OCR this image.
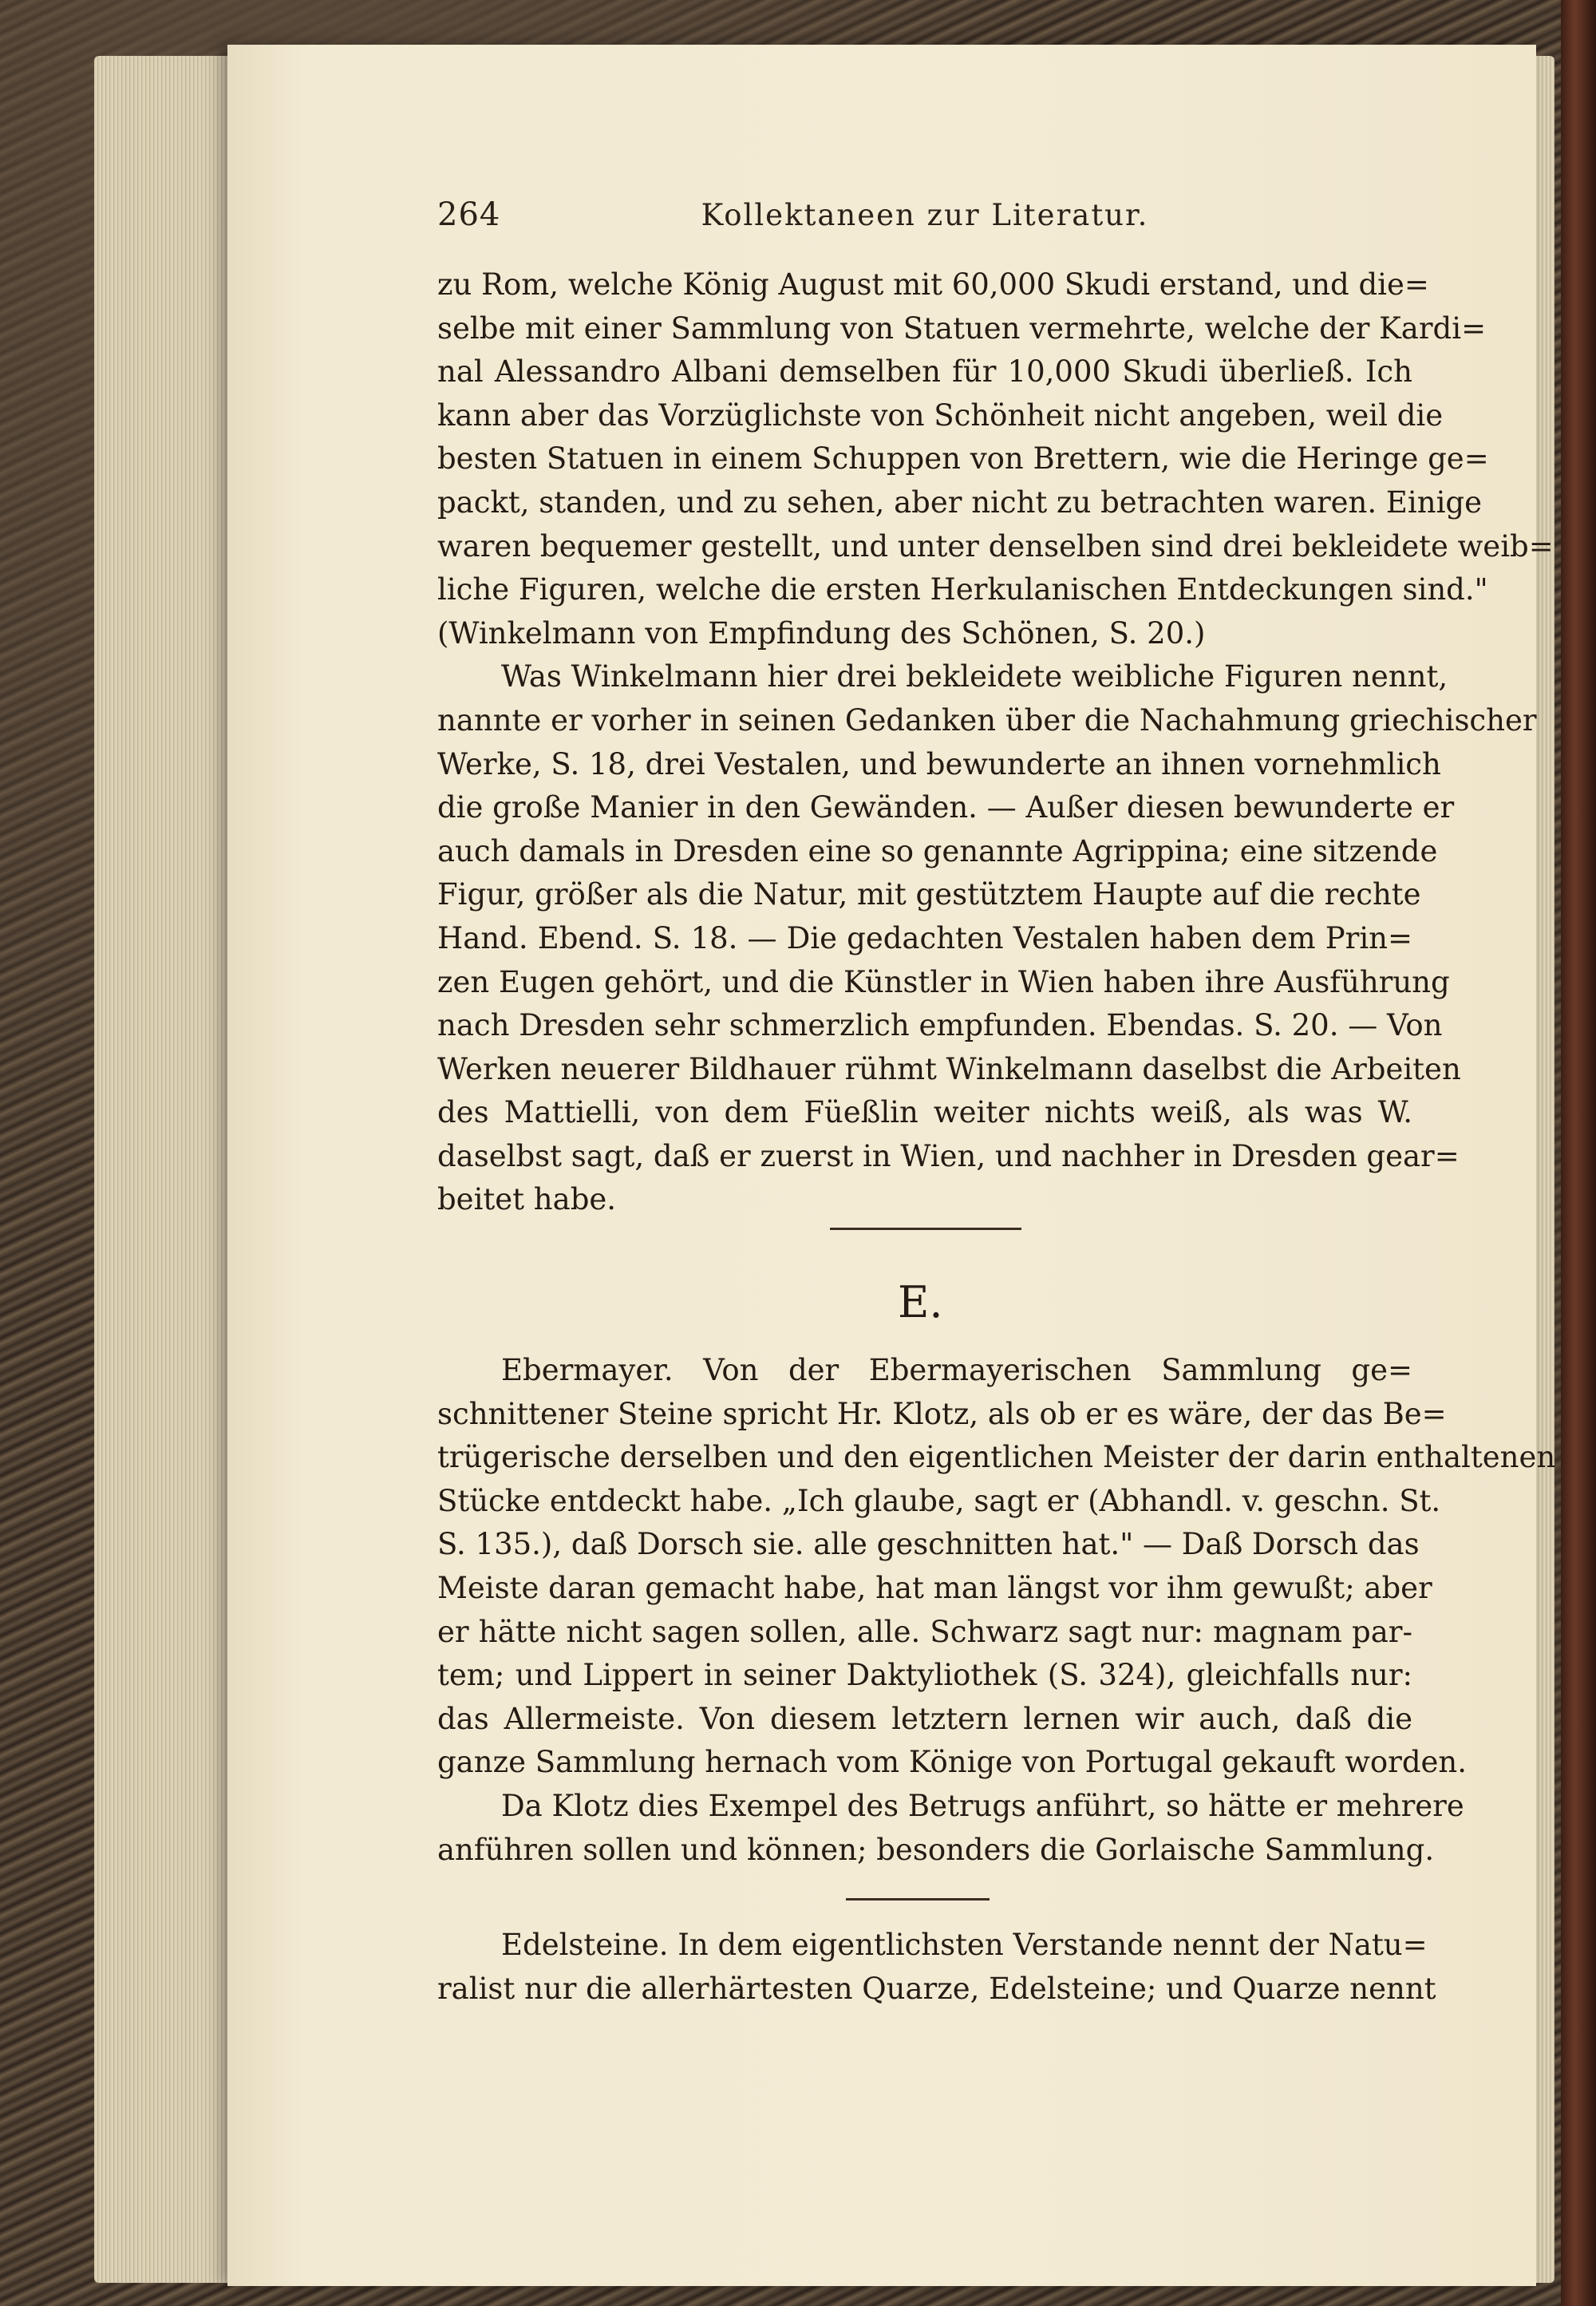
264	Kollektaneen zur Literatur.
zu Rom, welche König August mit 60,000 Skudi erstand, und die=
selbe mit einer Sammlung von Statuen vermehrte, welche der Kardi=
nal Alessandro Albani demselben für 10,000 Skudi überließ. Ich
kann aber das Vorzüglichste von Schönheit nicht angeben, weil die
besten Statuen in einem Schuppen von Brettern, wie die Heringe ge=
packt, standen, und zu sehen, aber nicht zu betrachten waren. Einige
waren bequemer gestellt, und unter denselben sind drei bekleidete weib=
liche Figuren, welche die ersten Herkulanischen Entdeckungen sind."
(Winkelmann von Empfindung des Schönen, S. 20.)
Was Winkelmann hier drei bekleidete weibliche Figuren nennt,
nannte er vorher in seinen Gedanken über die Nachahmung griechischer
Werke, S. 18, drei Vestalen, und bewunderte an ihnen vornehmlich
die große Manier in den Gewänden. — Außer diesen bewunderte er
auch damals in Dresden eine so genannte Agrippina; eine sitzende
Figur, größer als die Natur, mit gestütztem Haupte auf die rechte
Hand. Ebend. S. 18. — Die gedachten Vestalen haben dem Prin=
zen Eugen gehört, und die Künstler in Wien haben ihre Ausführung
nach Dresden sehr schmerzlich empfunden. Ebendas. S. 20. — Von
Werken neuerer Bildhauer rühmt Winkelmann daselbst die Arbeiten
des Mattielli, von dem Füeßlin weiter nichts weiß, als was W.
daselbst sagt, daß er zuerst in Wien, und nachher in Dresden gear=
beitet habe.
E.
Ebermayer. Von der Ebermayerischen Sammlung ge=
schnittener Steine spricht Hr. Klotz, als ob er es wäre, der das Be=
trügerische derselben und den eigentlichen Meister der darin enthaltenen
Stücke entdeckt habe. „Ich glaube, sagt er (Abhandl. v. geschn. St.
S. 135.), daß Dorsch sie. alle geschnitten hat." — Daß Dorsch das
Meiste daran gemacht habe, hat man längst vor ihm gewußt; aber
er hätte nicht sagen sollen, alle. Schwarz sagt nur: magnam par-
tem; und Lippert in seiner Daktyliothek (S. 324), gleichfalls nur:
das Allermeiste. Von diesem letztern lernen wir auch, daß die
ganze Sammlung hernach vom Könige von Portugal gekauft worden.
Da Klotz dies Exempel des Betrugs anführt, so hätte er mehrere
anführen sollen und können; besonders die Gorlaische Sammlung.
Edelsteine. In dem eigentlichsten Verstande nennt der Natu=
ralist nur die allerhärtesten Quarze, Edelsteine; und Quarze nennt
